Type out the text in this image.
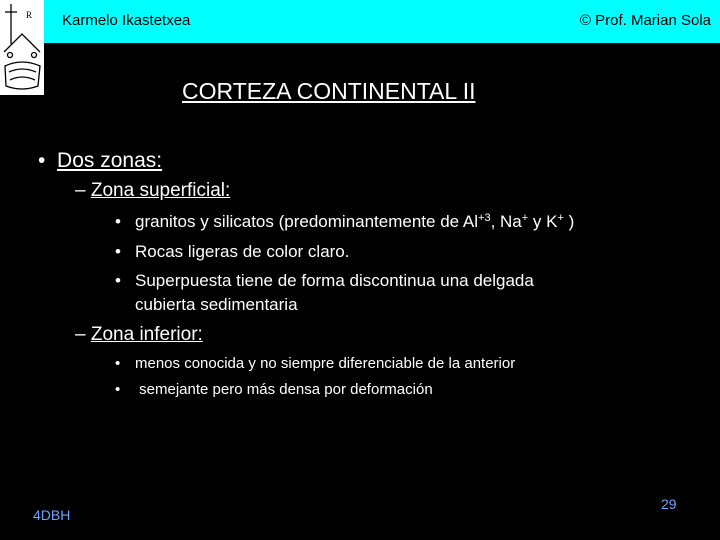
R Karmelo Ikastetxea	© Prof. Marian Sola
CORTEZA CONTINENTAL II
• Dos zonas:
– Zona superficial:
• granitos y silicatos (predominantemente de $Al^{+3}$, Na+ y K+ )
• Rocas ligeras de color claro.
• Superpuesta tiene de forma discontinua una delgada
cubierta sedimentaria
– Zona inferior:
• menos conocida y no siempre diferenciable de la anterior
• semejante pero más densa por deformación
29
4DBH
